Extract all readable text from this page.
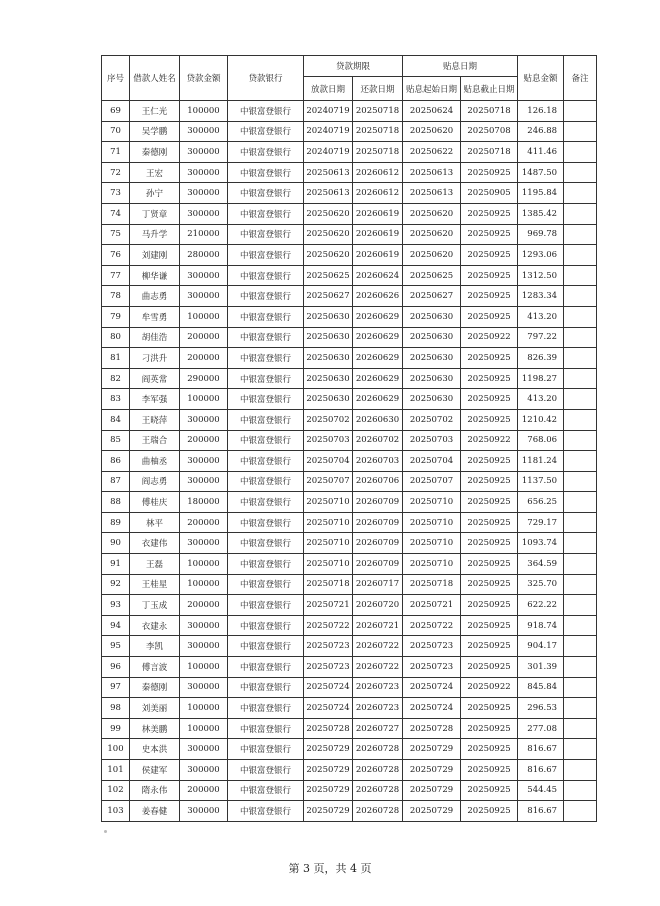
序号	借款人姓名	贷款金额	贷款银行	贷款期限		贴息日期		贴息金额	备注
				放款日期	还款日期	贴息起始日期	贴息截止日期		
69	王仁光	100000	中银富登银行	20240719	20250718	20250624	20250718	126.18	
70	吴学鹏	300000	中银富登银行	20240719	20250718	20250620	20250708	246.88	
71	秦德刚	300000	中银富登银行	20240719	20250718	20250622	20250718	411.46	
72	王宏	300000	中银富登银行	20250613	20260612	20250613	20250925	1487.50	
73	孙宁	300000	中银富登银行	20250613	20260612	20250613	20250905	1195.84	
74	丁贤章	300000	中银富登银行	20250620	20260619	20250620	20250925	1385.42	
75	马升学	210000	中银富登银行	20250620	20260619	20250620	20250925	969.78	
76	刘建刚	280000	中银富登银行	20250620	20260619	20250620	20250925	1293.06	
77	柳华谦	300000	中银富登银行	20250625	20260624	20250625	20250925	1312.50	
78	曲志勇	300000	中银富登银行	20250627	20260626	20250627	20250925	1283.34	
79	牟雪勇	100000	中银富登银行	20250630	20260629	20250630	20250925	413.20	
80	胡佳浩	200000	中银富登银行	20250630	20260629	20250630	20250922	797.22	
81	刁洪升	200000	中银富登银行	20250630	20260629	20250630	20250925	826.39	
82	阎英常	290000	中银富登银行	20250630	20260629	20250630	20250925	1198.27	
83	李军强	100000	中银富登银行	20250630	20260629	20250630	20250925	413.20	
84	王晓萍	300000	中银富登银行	20250702	20260630	20250702	20250925	1210.42	
85	王瑞合	200000	中银富登银行	20250703	20260702	20250703	20250922	768.06	
86	曲柚丞	300000	中银富登银行	20250704	20260703	20250704	20250925	1181.24	
87	阎志勇	300000	中银富登银行	20250707	20260706	20250707	20250925	1137.50	
88	傅桂庆	180000	中银富登银行	20250710	20260709	20250710	20250925	656.25	
89	林平	200000	中银富登银行	20250710	20260709	20250710	20250925	729.17	
90	衣建伟	300000	中银富登银行	20250710	20260709	20250710	20250925	1093.74	
91	王磊	100000	中银富登银行	20250710	20260709	20250710	20250925	364.59	
92	王桂星	100000	中银富登银行	20250718	20260717	20250718	20250925	325.70	
93	丁玉成	200000	中银富登银行	20250721	20260720	20250721	20250925	622.22	
94	衣建永	300000	中银富登银行	20250722	20260721	20250722	20250925	918.74	
95	李凯	300000	中银富登银行	20250723	20260722	20250723	20250925	904.17	
96	傅言波	100000	中银富登银行	20250723	20260722	20250723	20250925	301.39	
97	秦德刚	300000	中银富登银行	20250724	20260723	20250724	20250922	845.84	
98	刘美丽	100000	中银富登银行	20250724	20260723	20250724	20250925	296.53	
99	林美鹏	100000	中银富登银行	20250728	20260727	20250728	20250925	277.08	
100	史本洪	300000	中银富登银行	20250729	20260728	20250729	20250925	816.67	
101	侯建军	300000	中银富登银行	20250729	20260728	20250729	20250925	816.67	
102	隋永伟	200000	中银富登银行	20250729	20260728	20250729	20250925	544.45	
103	姜春健	300000	中银富登银行	20250729	20260728	20250729	20250925	816.67	
第 3 页，共 4 页
